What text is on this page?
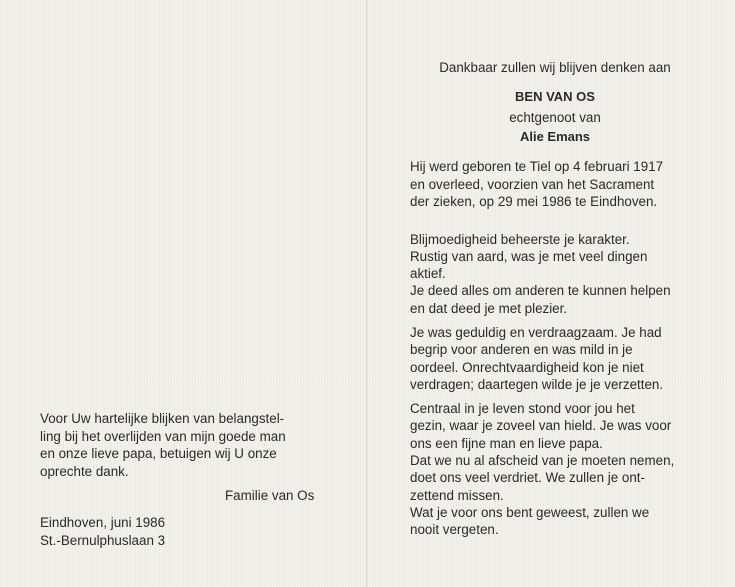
Voor Uw hartelijke blijken van belangstel-
ling bij het overlijden van mijn goede man
en onze lieve papa, betuigen wij U onze
oprechte dank.
Familie van Os
Eindhoven, juni 1986
St.-Bernulphuslaan 3
Dankbaar zullen wij blijven denken aan
BEN VAN OS
echtgenoot van
Alie Emans
Hij werd geboren te Tiel op 4 februari 1917
en overleed, voorzien van het Sacrament
der zieken, op 29 mei 1986 te Eindhoven.
Blijmoedigheid beheerste je karakter.
Rustig van aard, was je met veel dingen
aktief.
Je deed alles om anderen te kunnen helpen
en dat deed je met plezier.
Je was geduldig en verdraagzaam. Je had
begrip voor anderen en was mild in je
oordeel. Onrechtvaardigheid kon je niet
verdragen; daartegen wilde je je verzetten.
Centraal in je leven stond voor jou het
gezin, waar je zoveel van hield. Je was voor
ons een fijne man en lieve papa.
Dat we nu al afscheid van je moeten nemen,
doet ons veel verdriet. We zullen je ont-
zettend missen.
Wat je voor ons bent geweest, zullen we
nooit vergeten.
